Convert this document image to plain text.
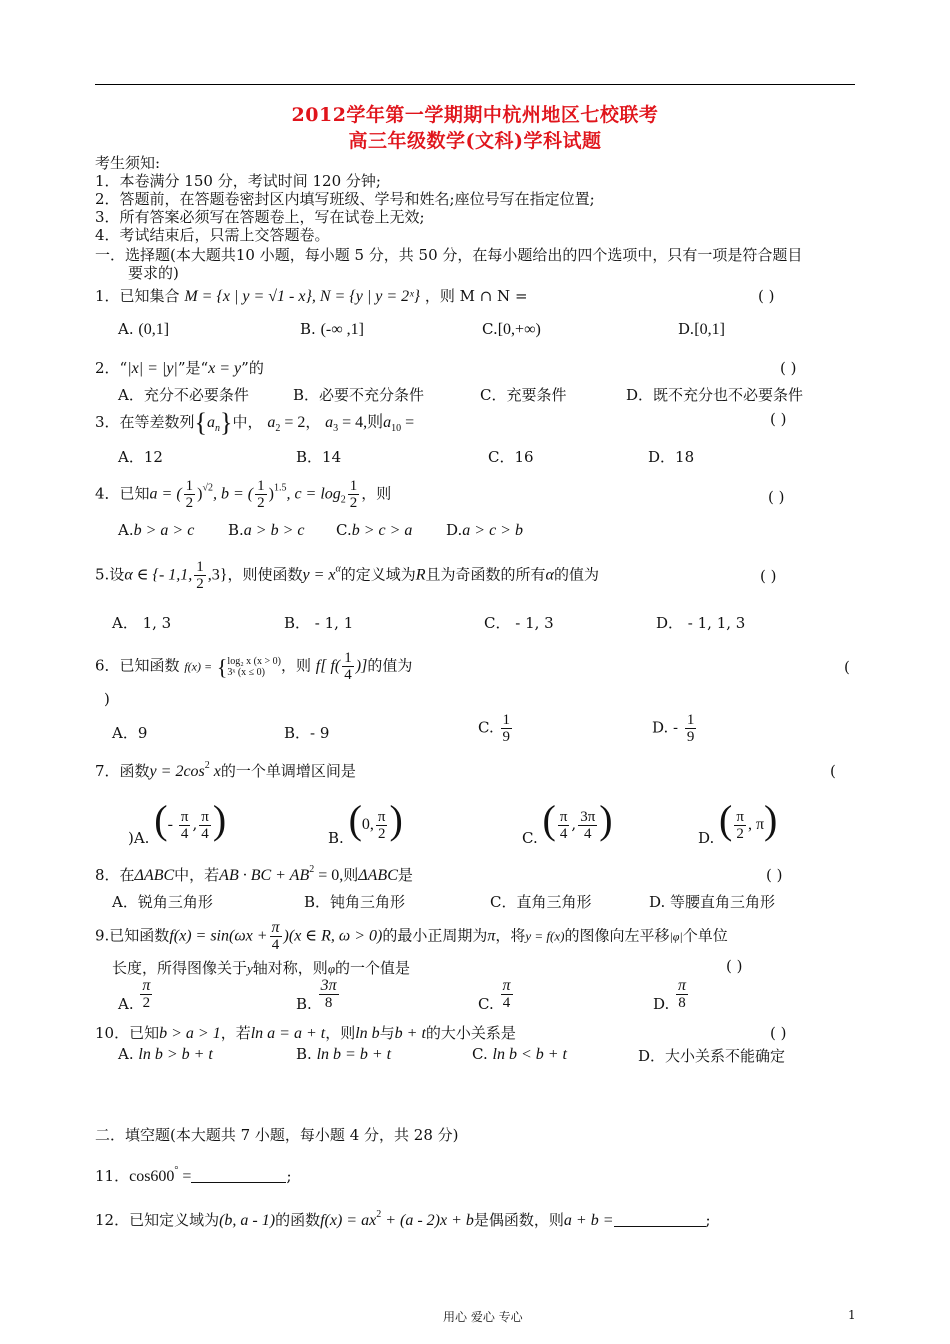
2012学年第一学期期中杭州地区七校联考
高三年级数学(文科)学科试题
考生须知:
1．本卷满分 150 分，考试时间 120 分钟;
2．答题前，在答题卷密封区内填写班级、学号和姓名;座位号写在指定位置;
3．所有答案必须写在答题卷上，写在试卷上无效;
4．考试结束后，只需上交答题卷。
一．选择题(本大题共10 小题，每小题 5 分，共 50 分，在每小题给出的四个选项中，只有一项是符合题目
要求的)
1．已知集合 M = {x | y = √1 - x}, N = {y | y = 2ˣ} ，则 M ∩ N =	( )
A. (0,1]	B. (-∞ ,1]	C.[0,+∞)	D.[0,1]
2．“|x| = |y|”是“x = y”的	( )
A．充分不必要条件	B．必要不充分条件	C．充要条件	D．既不充分也不必要条件
3．在等差数列$\{a_n\}$中， $a_2 = 2$， $a_3 = 4$,则$a_{10}$ =	( )
A．12	B．14	C．16	D．18
4．已知a = ( $\frac{1}{2} )^{√2}$, b = ( $\frac{1}{2} )^{1.5}$, $c = \log_2 \frac{1}{2}$ ，则	( )
A.b > a > c B.a > b > c C.b > c > a D.a > c > b
5.设α ∈ {- 1,1, $\frac{1}{2} ,3$}，则使函数$y = x^\alpha$的定义域为R且为奇函数的所有α的值为	( )
A． 1, 3	B． - 1, 1	C． - 1, 3	D． - 1, 1, 3
6．已知函数 f(x) = { log₂ x (x > 0)
3ˣ (x ≤ 0)	，则 f[ $f( \frac{1}{4}$ )]的值为	(
)
A．9	B．- 9	C. $\frac{1}{9}$	D. - $\frac{1}{9}$
7．函数$y = 2\cos^2$ x的一个单调增区间是	(
)A. (- $\frac{\pi}{4}$ , $\frac{\pi}{4}$ )	B. (0, $\frac{\pi}{2}$ )	C. ( $\frac{\pi}{4}$ , $\frac{3\pi}{4}$ )	D. ( $\frac{\pi}{2}$ , π)
8．在ΔABC中，若AB · BC + $AB^2 = 0$,则ΔABC是	( )
A．锐角三角形	B．钝角三角形	C．直角三角形	D. 等腰直角三角形
9.已知函数$f(x) = \sin(\omega x + \frac{\pi}{4} )(x$ ∈ R, ω > 0)的最小正周期为π，将y = f(x)的图像向左平移|φ|个单位
长度，所得图像关于y轴对称，则φ的一个值是	( )
A. $\frac{\pi}{2}$	B. $\frac{3\pi}{8}$	C. $\frac{\pi}{4}$	D. $\frac{\pi}{8}$
10．已知b > a > 1，若ln a = a + t，则ln b与b + t的大小关系是	( )
A. ln b > b + t	B. ln b = b + t	C. ln b < b + t	D．大小关系不能确定
二．填空题(本大题共 7 小题，每小题 4 分，共 28 分)
11．cos600° =	;
12．已知定义域为(b, a - 1)的函数$f(x) = ax^2 + (a - 2)x + b$是偶函数，则a + b =	;
用心 爱心 专心	1
